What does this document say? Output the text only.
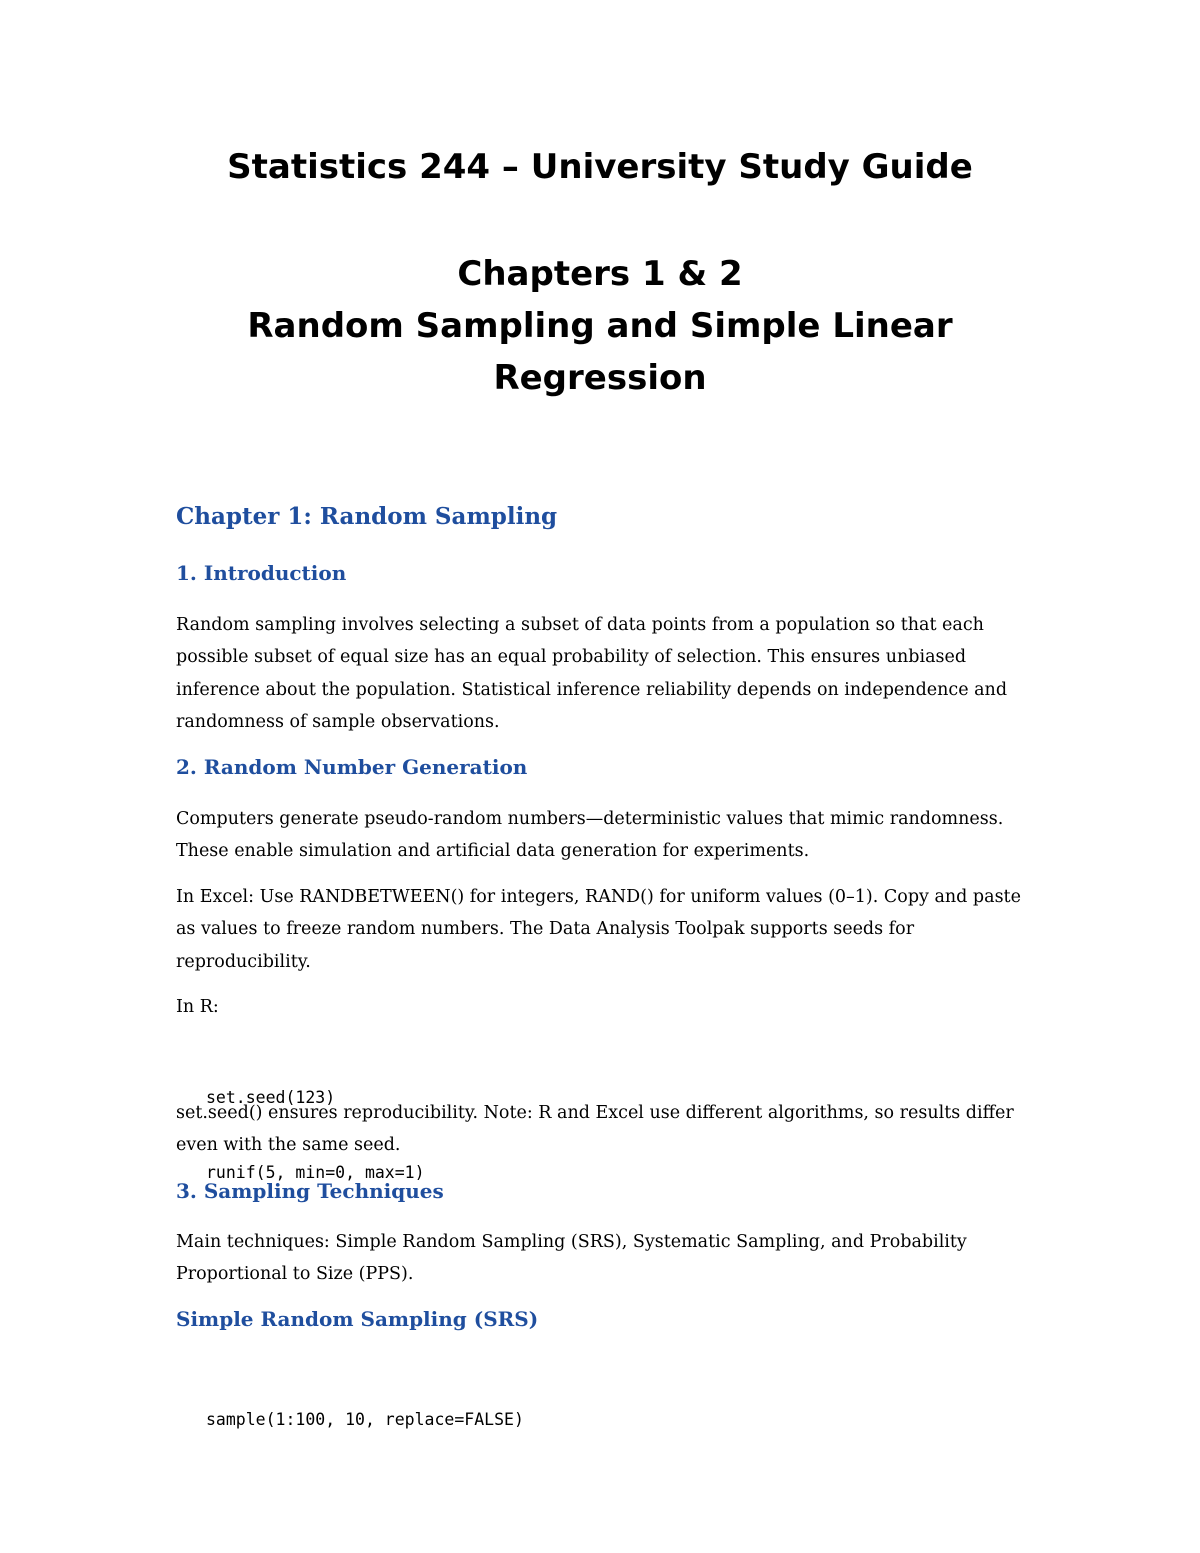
Statistics 244 – University Study Guide
Chapters 1 & 2
Random Sampling and Simple Linear
Regression
Chapter 1: Random Sampling
1. Introduction
Random sampling involves selecting a subset of data points from a population so that each possible subset of equal size has an equal probability of selection. This ensures unbiased inference about the population. Statistical inference reliability depends on independence and randomness of sample observations.
2. Random Number Generation
Computers generate pseudo-random numbers—deterministic values that mimic randomness. These enable simulation and artificial data generation for experiments.
In Excel: Use RANDBETWEEN() for integers, RAND() for uniform values (0–1). Copy and paste as values to freeze random numbers. The Data Analysis Toolpak supports seeds for reproducibility.
In R:

set.seed(123)

runif(5, min=0, max=1)

set.seed() ensures reproducibility. Note: R and Excel use different algorithms, so results differ even with the same seed.
3. Sampling Techniques
Main techniques: Simple Random Sampling (SRS), Systematic Sampling, and Probability Proportional to Size (PPS).
Simple Random Sampling (SRS)

sample(1:100, 10, replace=FALSE)
